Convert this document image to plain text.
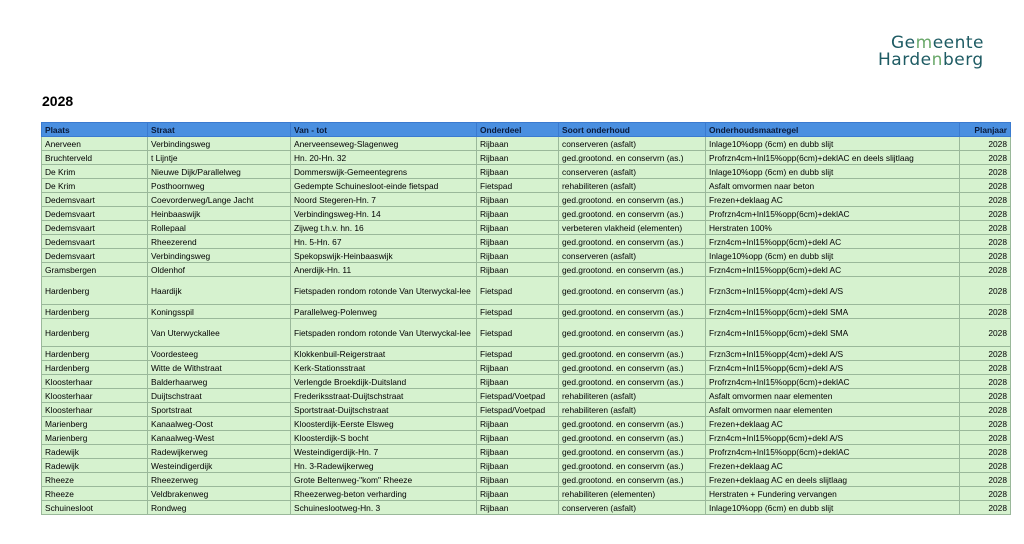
Gemeente
Hardenberg
2028
Plaats	Straat	Van - tot	Onderdeel	Soort onderhoud	Onderhoudsmaatregel	Planjaar
Anerveen	Verbindingsweg	Anerveenseweg-Slagenweg	Rijbaan	conserveren (asfalt)	Inlage10%opp (6cm) en dubb slijt	2028
Bruchterveld	t Lijntje	Hn. 20-Hn. 32	Rijbaan	ged.grootond. en conservrn (as.)	Profrzn4cm+Inl15%opp(6cm)+deklAC en deels slijtlaag	2028
De Krim	Nieuwe Dijk/Parallelweg	Dommerswijk-Gemeentegrens	Rijbaan	conserveren (asfalt)	Inlage10%opp (6cm) en dubb slijt	2028
De Krim	Posthoornweg	Gedempte Schuinesloot-einde fietspad	Fietspad	rehabiliteren (asfalt)	Asfalt omvormen naar beton	2028
Dedemsvaart	Coevorderweg/Lange Jacht	Noord Stegeren-Hn. 7	Rijbaan	ged.grootond. en conservrn (as.)	Frezen+deklaag AC	2028
Dedemsvaart	Heinbaaswijk	Verbindingsweg-Hn. 14	Rijbaan	ged.grootond. en conservrn (as.)	Profrzn4cm+Inl15%opp(6cm)+deklAC	2028
Dedemsvaart	Rollepaal	Zijweg t.h.v. hn. 16	Rijbaan	verbeteren vlakheid (elementen)	Herstraten 100%	2028
Dedemsvaart	Rheezerend	Hn. 5-Hn. 67	Rijbaan	ged.grootond. en conservrn (as.)	Frzn4cm+Inl15%opp(6cm)+dekl AC	2028
Dedemsvaart	Verbindingsweg	Spekopswijk-Heinbaaswijk	Rijbaan	conserveren (asfalt)	Inlage10%opp (6cm) en dubb slijt	2028
Gramsbergen	Oldenhof	Anerdijk-Hn. 11	Rijbaan	ged.grootond. en conservrn (as.)	Frzn4cm+Inl15%opp(6cm)+dekl AC	2028
Hardenberg	Haardijk	Fietspaden rondom rotonde Van Uterwyckal-lee	Fietspad	ged.grootond. en conservrn (as.)	Frzn3cm+Inl15%opp(4cm)+dekl A/S	2028
Hardenberg	Koningsspil	Parallelweg-Polenweg	Fietspad	ged.grootond. en conservrn (as.)	Frzn4cm+Inl15%opp(6cm)+dekl SMA	2028
Hardenberg	Van Uterwyckallee	Fietspaden rondom rotonde Van Uterwyckal-lee	Fietspad	ged.grootond. en conservrn (as.)	Frzn4cm+Inl15%opp(6cm)+dekl SMA	2028
Hardenberg	Voordesteeg	Klokkenbuil-Reigerstraat	Fietspad	ged.grootond. en conservrn (as.)	Frzn3cm+Inl15%opp(4cm)+dekl A/S	2028
Hardenberg	Witte de Withstraat	Kerk-Stationsstraat	Rijbaan	ged.grootond. en conservrn (as.)	Frzn4cm+Inl15%opp(6cm)+dekl A/S	2028
Kloosterhaar	Balderhaarweg	Verlengde Broekdijk-Duitsland	Rijbaan	ged.grootond. en conservrn (as.)	Profrzn4cm+Inl15%opp(6cm)+deklAC	2028
Kloosterhaar	Duijtschstraat	Frederiksstraat-Duijtschstraat	Fietspad/Voetpad	rehabiliteren (asfalt)	Asfalt omvormen naar elementen	2028
Kloosterhaar	Sportstraat	Sportstraat-Duijtschstraat	Fietspad/Voetpad	rehabiliteren (asfalt)	Asfalt omvormen naar elementen	2028
Marienberg	Kanaalweg-Oost	Kloosterdijk-Eerste Elsweg	Rijbaan	ged.grootond. en conservrn (as.)	Frezen+deklaag AC	2028
Marienberg	Kanaalweg-West	Kloosterdijk-S bocht	Rijbaan	ged.grootond. en conservrn (as.)	Frzn4cm+Inl15%opp(6cm)+dekl A/S	2028
Radewijk	Radewijkerweg	Westeindigerdijk-Hn. 7	Rijbaan	ged.grootond. en conservrn (as.)	Profrzn4cm+Inl15%opp(6cm)+deklAC	2028
Radewijk	Westeindigerdijk	Hn. 3-Radewijkerweg	Rijbaan	ged.grootond. en conservrn (as.)	Frezen+deklaag AC	2028
Rheeze	Rheezerweg	Grote Beltenweg-"kom" Rheeze	Rijbaan	ged.grootond. en conservrn (as.)	Frezen+deklaag AC en deels slijtlaag	2028
Rheeze	Veldbrakenweg	Rheezerweg-beton verharding	Rijbaan	rehabiliteren (elementen)	Herstraten + Fundering vervangen	2028
Schuinesloot	Rondweg	Schuineslootweg-Hn. 3	Rijbaan	conserveren (asfalt)	Inlage10%opp (6cm) en dubb slijt	2028
